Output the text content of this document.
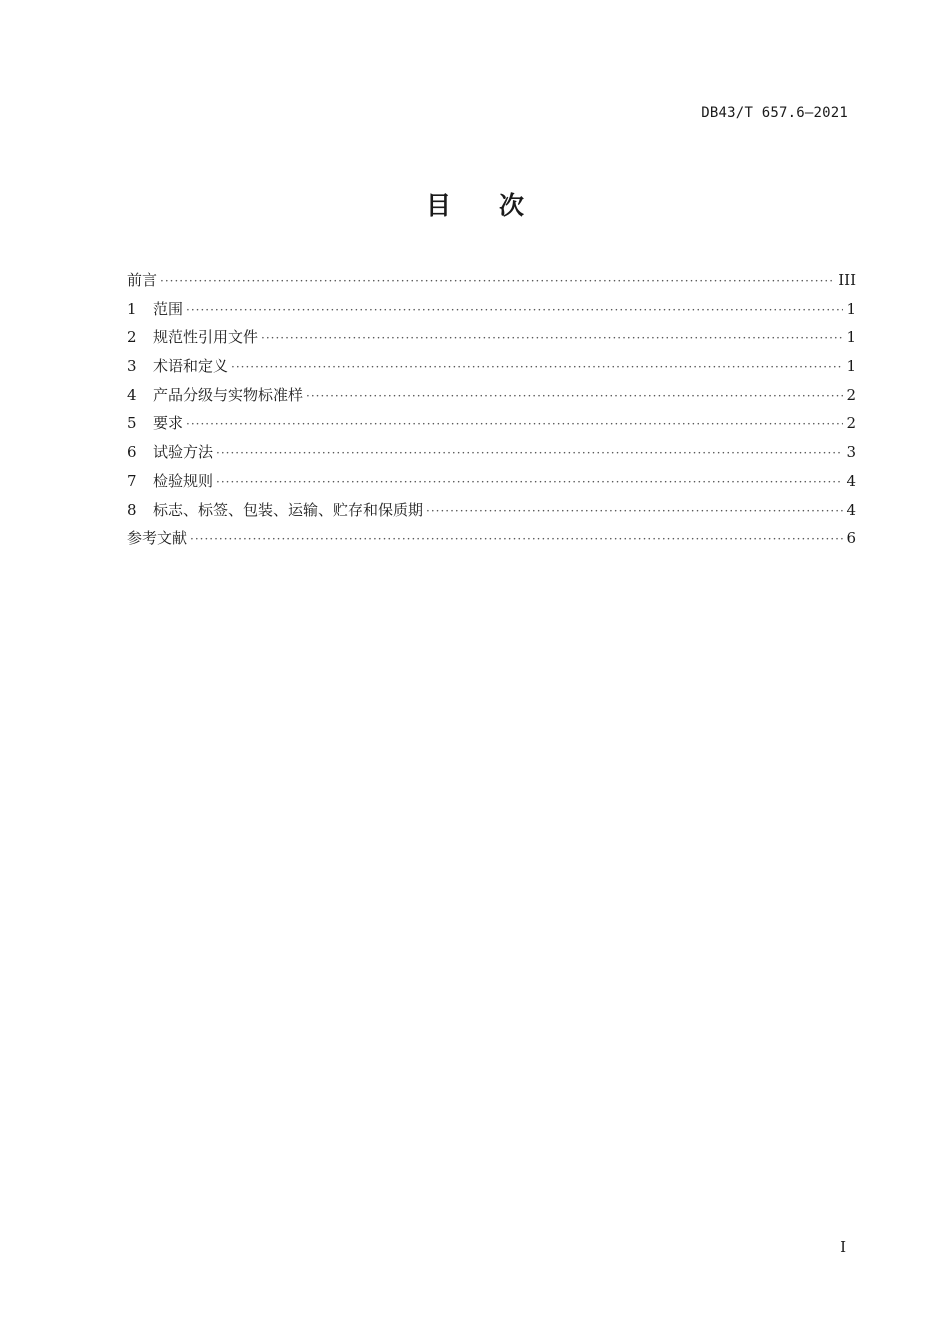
DB43/T 657.6—2021
目 次
前言 ·····	III
1	范围 ·····	1
2	规范性引用文件 ·····	1
3	术语和定义 ·····	1
4	产品分级与实物标准样 ·····	2
5	要求 ·····	2
6	试验方法 ·····	3
7	检验规则 ·····	4
8	标志、标签、包装、运输、贮存和保质期 ·····	4
参考文献 ·····	6
I
